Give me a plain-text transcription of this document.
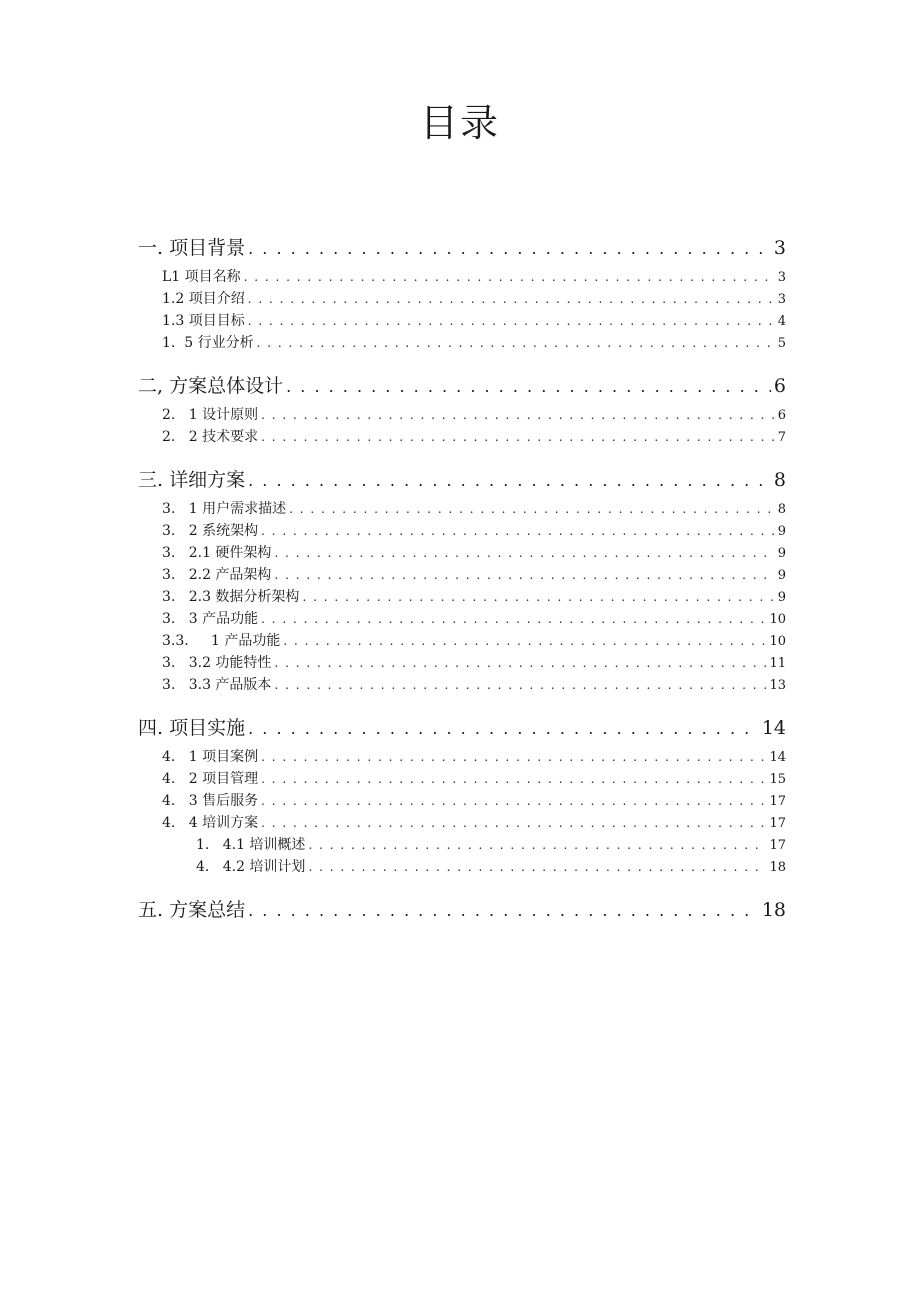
目录
一. 项目背景 . . .	3
L1 项目名称 . . .	3
1.2 项目介绍 . . .	3
1.3 项目目标 . . .	4
1.  5 行业分析 . . .	5
二, 方案总体设计 . . .	6
2.   1 设计原则 . . .	6
2.   2 技术要求 . . .	7
三. 详细方案 . . .	8
3.   1 用户需求描述 . . .	8
3.   2 系统架构 . . .	9
3.   2.1 硬件架构 . . .	9
3.   2.2 产品架构 . . .	9
3.   2.3 数据分析架构 . . .	9
3.   3 产品功能 . . .	10
3.3.     1 产品功能 . . .	10
3.   3.2 功能特性 . . .	11
3.   3.3 产品版本 . . .	13
四. 项目实施 . . .	14
4.   1 项目案例 . . .	14
4.   2 项目管理 . . .	15
4.   3 售后服务 . . .	17
4.   4 培训方案 . . .	17
1.   4.1 培训概述 . . .	17
4.   4.2 培训计划 . . .	18
五. 方案总结 . . .	18
